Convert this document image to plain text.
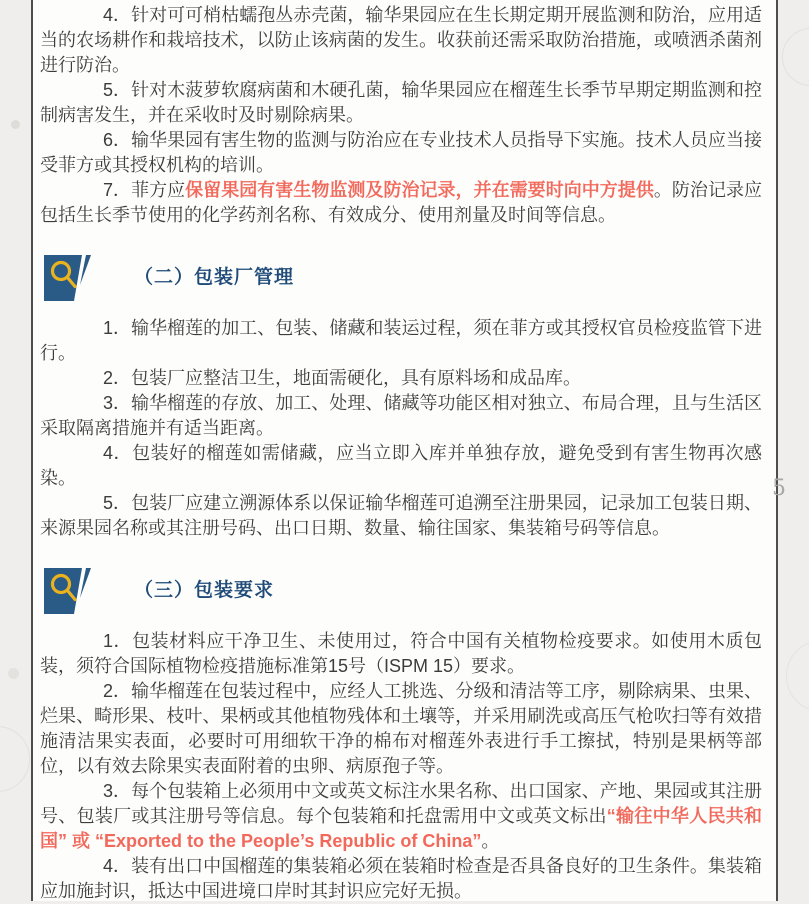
5

4．针对可可梢枯蠕孢丛赤壳菌，输华果园应在生长期定期开展监测和防治，应用适当的农场耕作和栽培技术，以防止该病菌的发生。收获前还需采取防治措施，或喷洒杀菌剂进行防治。

5．针对木菠萝软腐病菌和木硬孔菌，输华果园应在榴莲生长季节早期定期监测和控制病害发生，并在采收时及时剔除病果。

6．输华果园有害生物的监测与防治应在专业技术人员指导下实施。技术人员应当接受菲方或其授权机构的培训。

7．菲方应保留果园有害生物监测及防治记录，并在需要时向中方提供。防治记录应包括生长季节使用的化学药剂名称、有效成分、使用剂量及时间等信息。

（二）包装厂管理

1．输华榴莲的加工、包装、储藏和装运过程，须在菲方或其授权官员检疫监管下进行。

2．包装厂应整洁卫生，地面需硬化，具有原料场和成品库。

3．输华榴莲的存放、加工、处理、储藏等功能区相对独立、布局合理，且与生活区采取隔离措施并有适当距离。

4．包装好的榴莲如需储藏，应当立即入库并单独存放，避免受到有害生物再次感染。

5．包装厂应建立溯源体系以保证输华榴莲可追溯至注册果园，记录加工包装日期、来源果园名称或其注册号码、出口日期、数量、输往国家、集装箱号码等信息。

（三）包装要求

1．包装材料应干净卫生、未使用过，符合中国有关植物检疫要求。如使用木质包装，须符合国际植物检疫措施标准第15号（ISPM 15）要求。

2．输华榴莲在包装过程中，应经人工挑选、分级和清洁等工序，剔除病果、虫果、烂果、畸形果、枝叶、果柄或其他植物残体和土壤等，并采用刷洗或高压气枪吹扫等有效措施清洁果实表面，必要时可用细软干净的棉布对榴莲外表进行手工擦拭，特别是果柄等部位，以有效去除果实表面附着的虫卵、病原孢子等。

3．每个包装箱上必须用中文或英文标注水果名称、出口国家、产地、果园或其注册号、包装厂或其注册号等信息。每个包装箱和托盘需用中文或英文标出“输往中华人民共和国” 或 “Exported to the People’s Republic of China”。

4．装有出口中国榴莲的集装箱必须在装箱时检查是否具备良好的卫生条件。集装箱应加施封识，抵达中国进境口岸时其封识应完好无损。
